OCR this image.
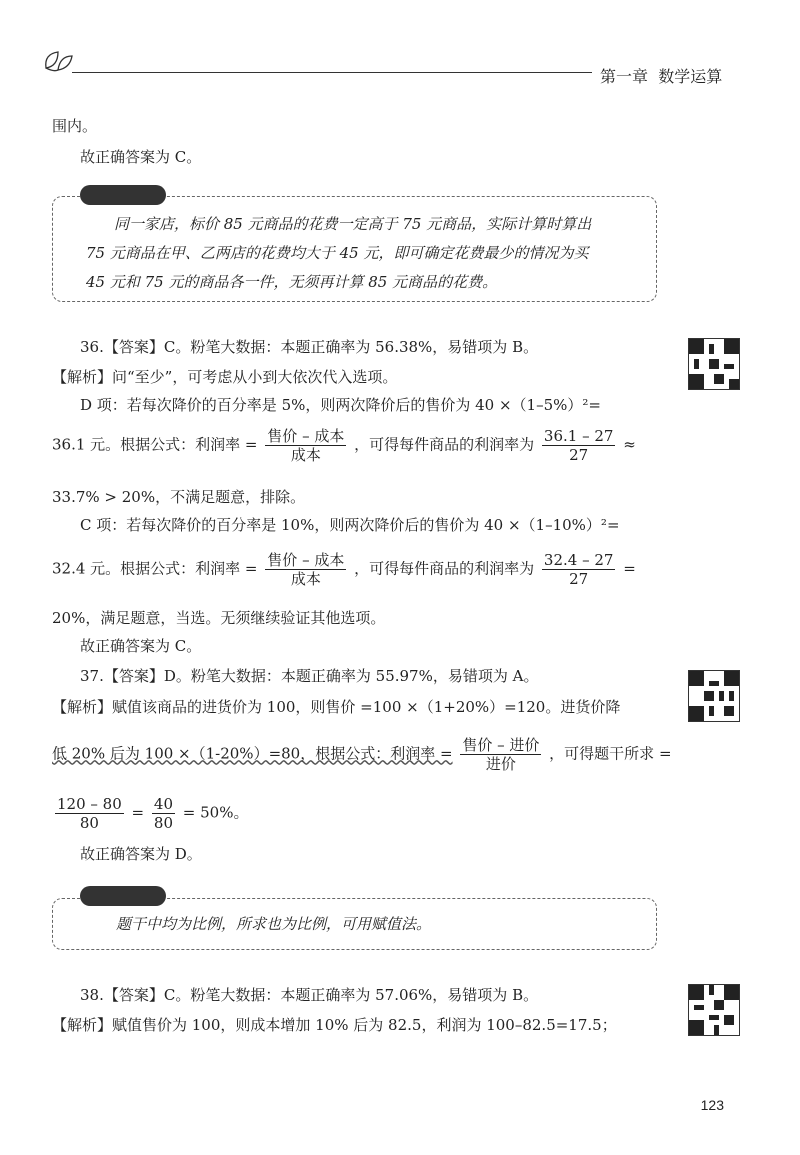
第一章 数学运算
围内。
故正确答案为 C。
同一家店，标价 85 元商品的花费一定高于 75 元商品，实际计算时算出
75 元商品在甲、乙两店的花费均大于 45 元，即可确定花费最少的情况为买
45 元和 75 元的商品各一件，无须再计算 85 元商品的花费。
36.【答案】C。粉笔大数据：本题正确率为 56.38%，易错项为 B。
【解析】问“至少”，可考虑从小到大依次代入选项。
D 项：若每次降价的百分率是 5%，则两次降价后的售价为 40 ×（1–5%）²=
36.1 元。根据公式：利润率 = $\frac{\text{售价 – 成本}}{\text{成本}}$ ，可得每件商品的利润率为 $\frac{36.1 - 27}{27}$ ≈
33.7% > 20%，不满足题意，排除。
C 项：若每次降价的百分率是 10%，则两次降价后的售价为 40 ×（1–10%）²=
32.4 元。根据公式：利润率 = $\frac{\text{售价 – 成本}}{\text{成本}}$ ，可得每件商品的利润率为 $\frac{32.4 - 27}{27}$ =
20%，满足题意，当选。无须继续验证其他选项。
故正确答案为 C。
37.【答案】D。粉笔大数据：本题正确率为 55.97%，易错项为 A。
【解析】赋值该商品的进货价为 100，则售价 =100 ×（1+20%）=120。进货价降
低 20% 后为 100 ×（1-20%）=80，根据公式：利润率 = $\frac{\text{售价 – 进价}}{\text{进价}}$ ，可得题干所求 =
$\frac{120 - 80}{80} = \frac{40}{80} = 50\%$。
故正确答案为 D。
题干中均为比例，所求也为比例，可用赋值法。
38.【答案】C。粉笔大数据：本题正确率为 57.06%，易错项为 B。
【解析】赋值售价为 100，则成本增加 10% 后为 82.5，利润为 100–82.5=17.5；
123
